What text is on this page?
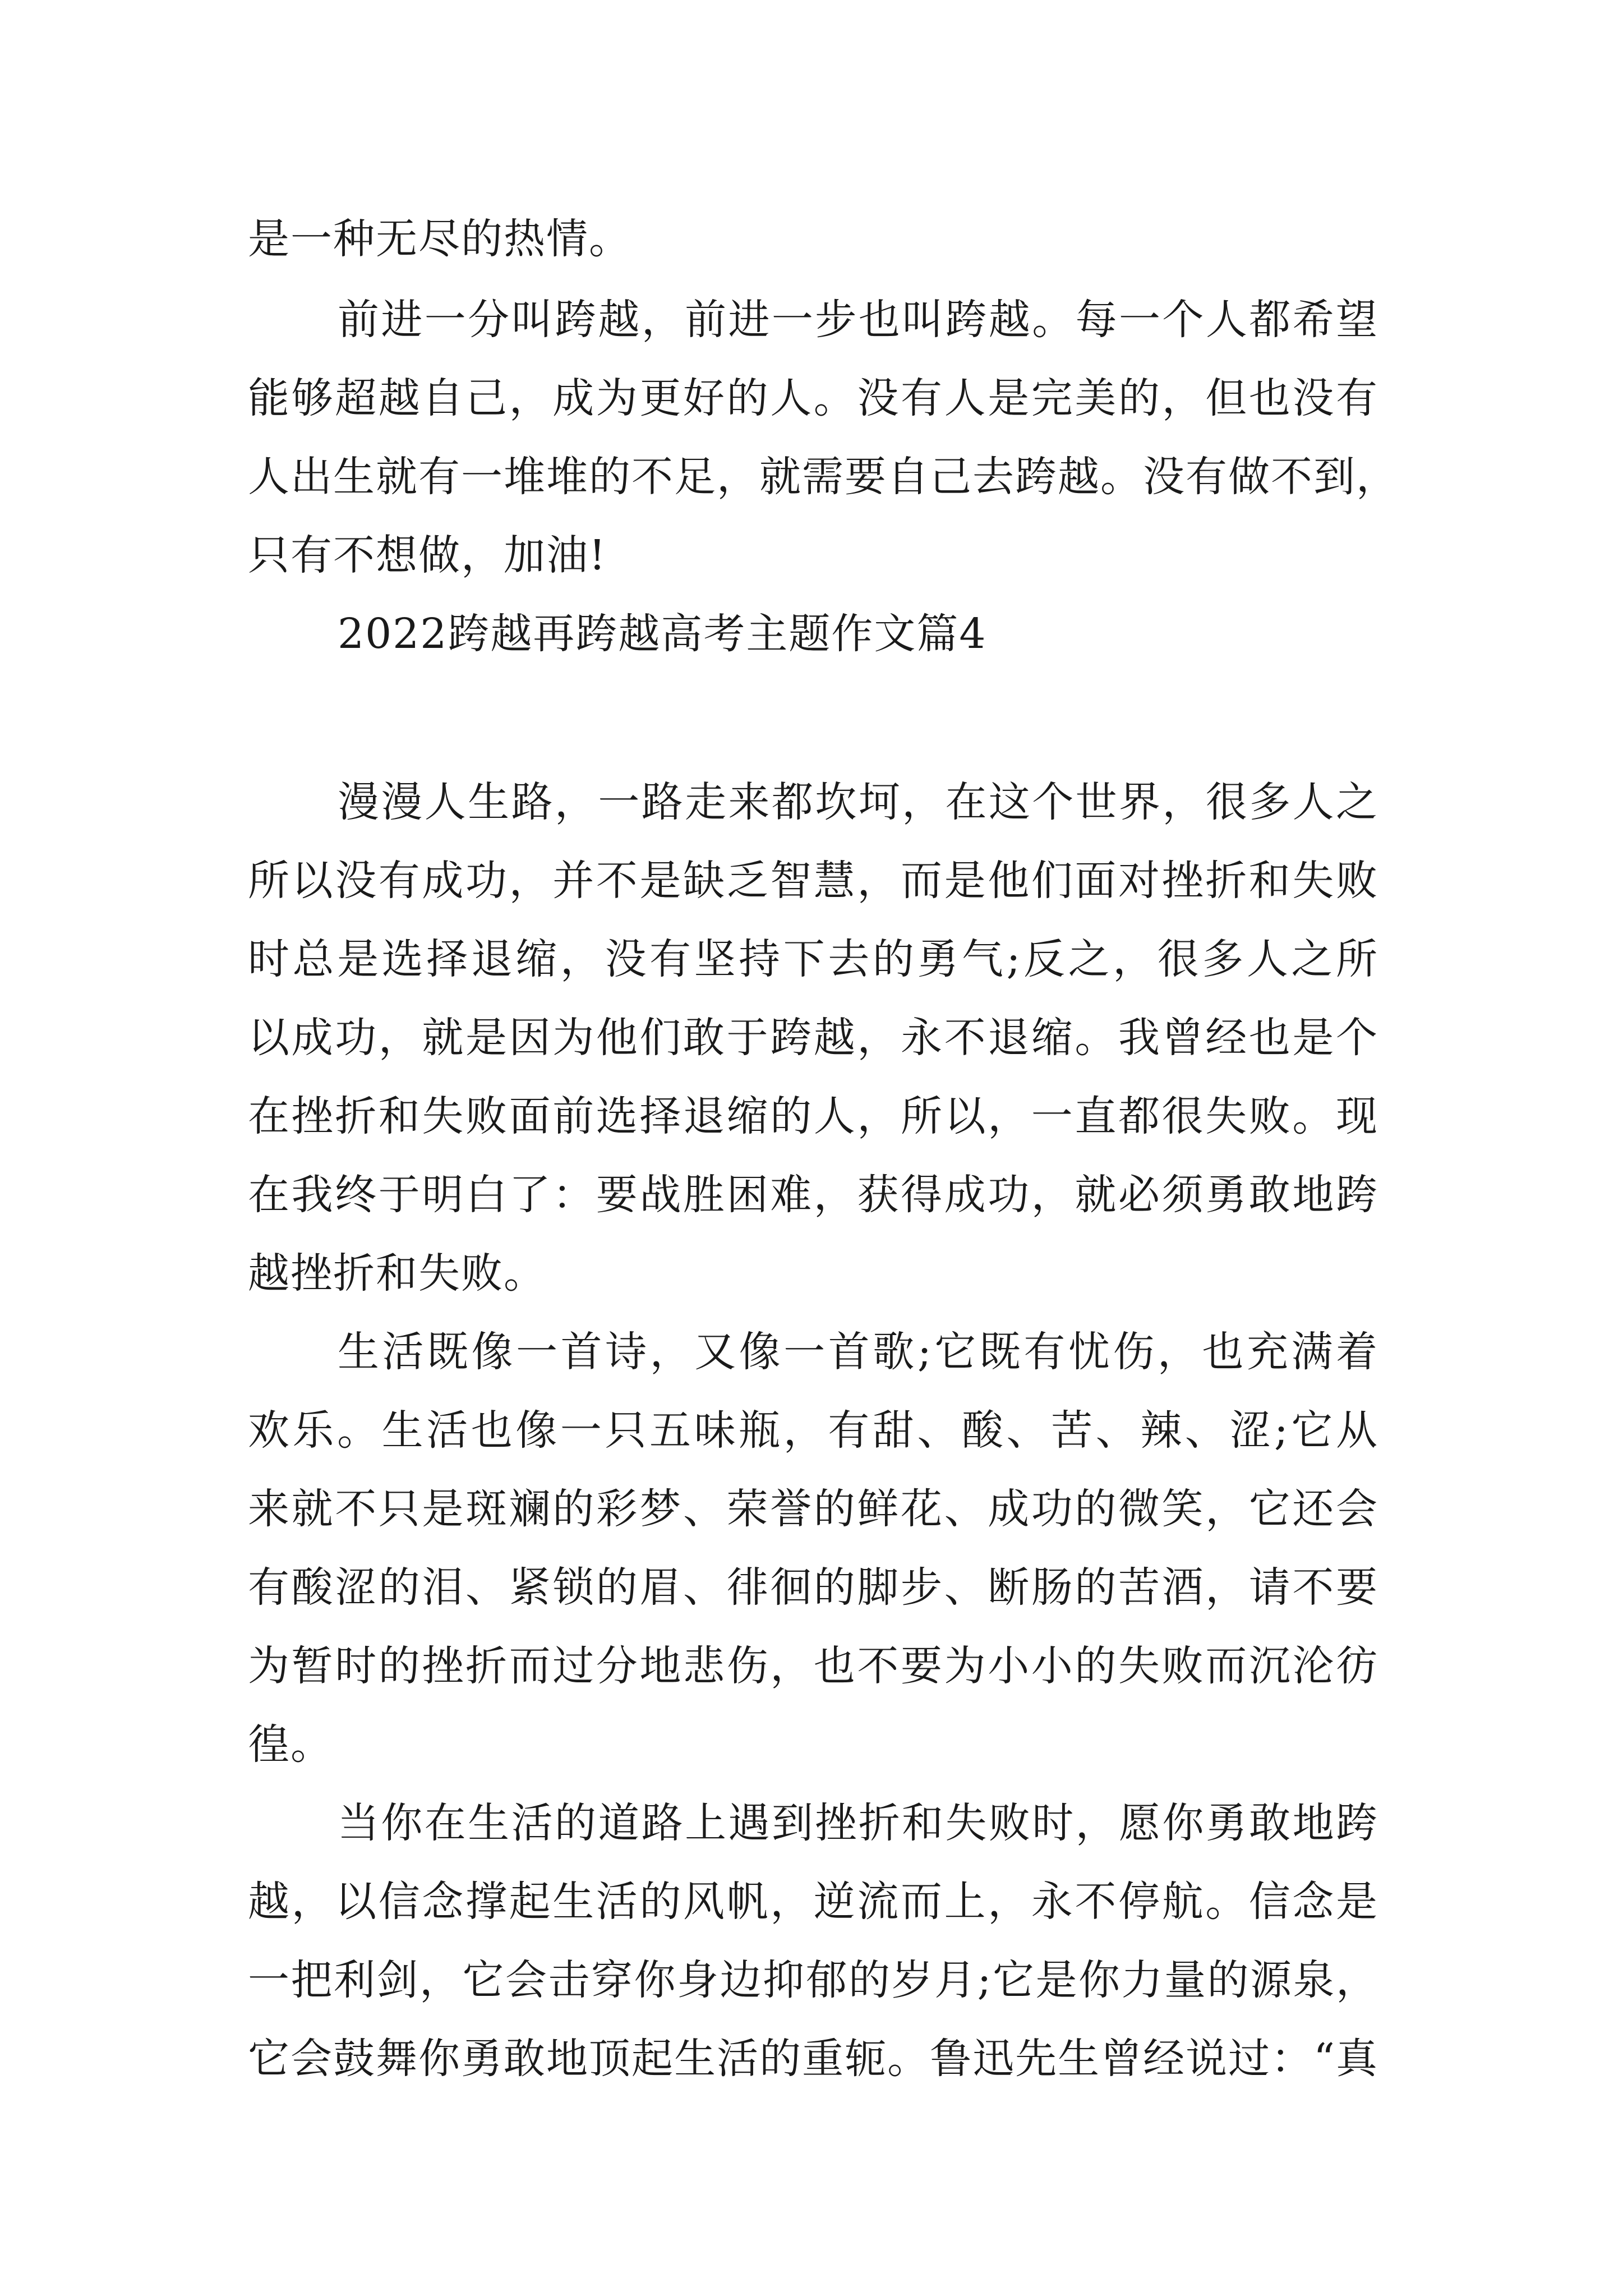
是一种无尽的热情。
前进一分叫跨越，前进一步也叫跨越。每一个人都希望
能够超越自己，成为更好的人。没有人是完美的，但也没有
人出生就有一堆堆的不足，就需要自己去跨越。没有做不到，
只有不想做，加油!
2022跨越再跨越高考主题作文篇4
漫漫人生路，一路走来都坎坷，在这个世界，很多人之
所以没有成功，并不是缺乏智慧，而是他们面对挫折和失败
时总是选择退缩，没有坚持下去的勇气;反之，很多人之所
以成功，就是因为他们敢于跨越，永不退缩。我曾经也是个
在挫折和失败面前选择退缩的人，所以，一直都很失败。现
在我终于明白了：要战胜困难，获得成功，就必须勇敢地跨
越挫折和失败。
生活既像一首诗，又像一首歌;它既有忧伤，也充满着
欢乐。生活也像一只五味瓶，有甜、酸、苦、辣、涩;它从
来就不只是斑斓的彩梦、荣誉的鲜花、成功的微笑，它还会
有酸涩的泪、紧锁的眉、徘徊的脚步、断肠的苦酒，请不要
为暂时的挫折而过分地悲伤，也不要为小小的失败而沉沦彷
徨。
当你在生活的道路上遇到挫折和失败时，愿你勇敢地跨
越，以信念撑起生活的风帆，逆流而上，永不停航。信念是
一把利剑，它会击穿你身边抑郁的岁月;它是你力量的源泉，
它会鼓舞你勇敢地顶起生活的重轭。鲁迅先生曾经说过：“真
